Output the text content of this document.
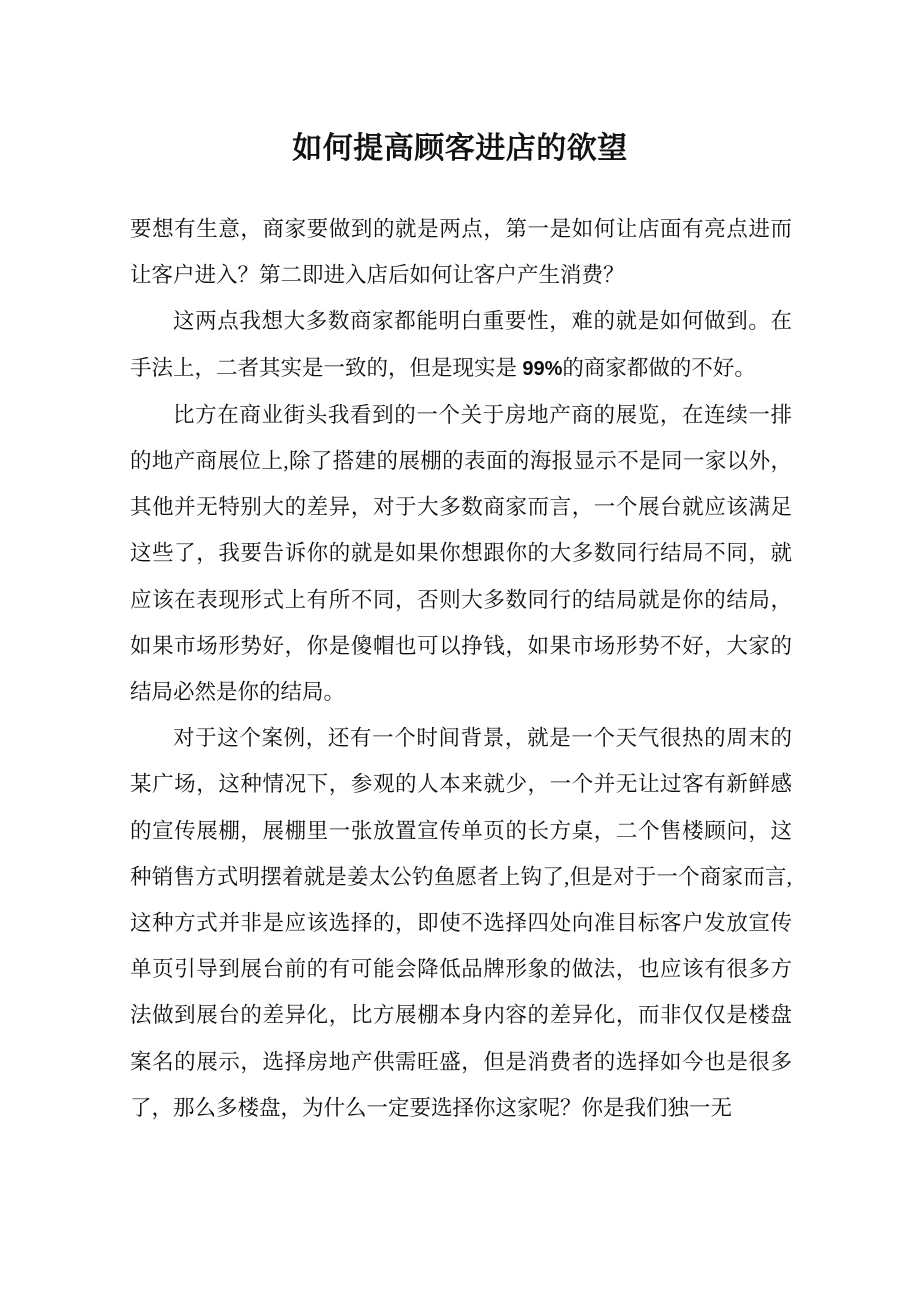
如何提高顾客进店的欲望

要想有生意，商家要做到的就是两点，第一是如何让店面有亮点进而让客户进入？第二即进入店后如何让客户产生消费？

这两点我想大多数商家都能明白重要性，难的就是如何做到。在手法上，二者其实是一致的，但是现实是 99%的商家都做的不好。

比方在商业街头我看到的一个关于房地产商的展览，在连续一排的地产商展位上,除了搭建的展棚的表面的海报显示不是同一家以外，其他并无特别大的差异，对于大多数商家而言，一个展台就应该满足这些了，我要告诉你的就是如果你想跟你的大多数同行结局不同，就应该在表现形式上有所不同，否则大多数同行的结局就是你的结局，如果市场形势好，你是傻帽也可以挣钱，如果市场形势不好，大家的结局必然是你的结局。

对于这个案例，还有一个时间背景，就是一个天气很热的周末的某广场，这种情况下，参观的人本来就少，一个并无让过客有新鲜感的宣传展棚，展棚里一张放置宣传单页的长方桌，二个售楼顾问，这种销售方式明摆着就是姜太公钓鱼愿者上钩了,但是对于一个商家而言,这种方式并非是应该选择的，即使不选择四处向准目标客户发放宣传单页引导到展台前的有可能会降低品牌形象的做法，也应该有很多方法做到展台的差异化，比方展棚本身内容的差异化，而非仅仅是楼盘案名的展示，选择房地产供需旺盛，但是消费者的选择如今也是很多了，那么多楼盘，为什么一定要选择你这家呢？你是我们独一无
